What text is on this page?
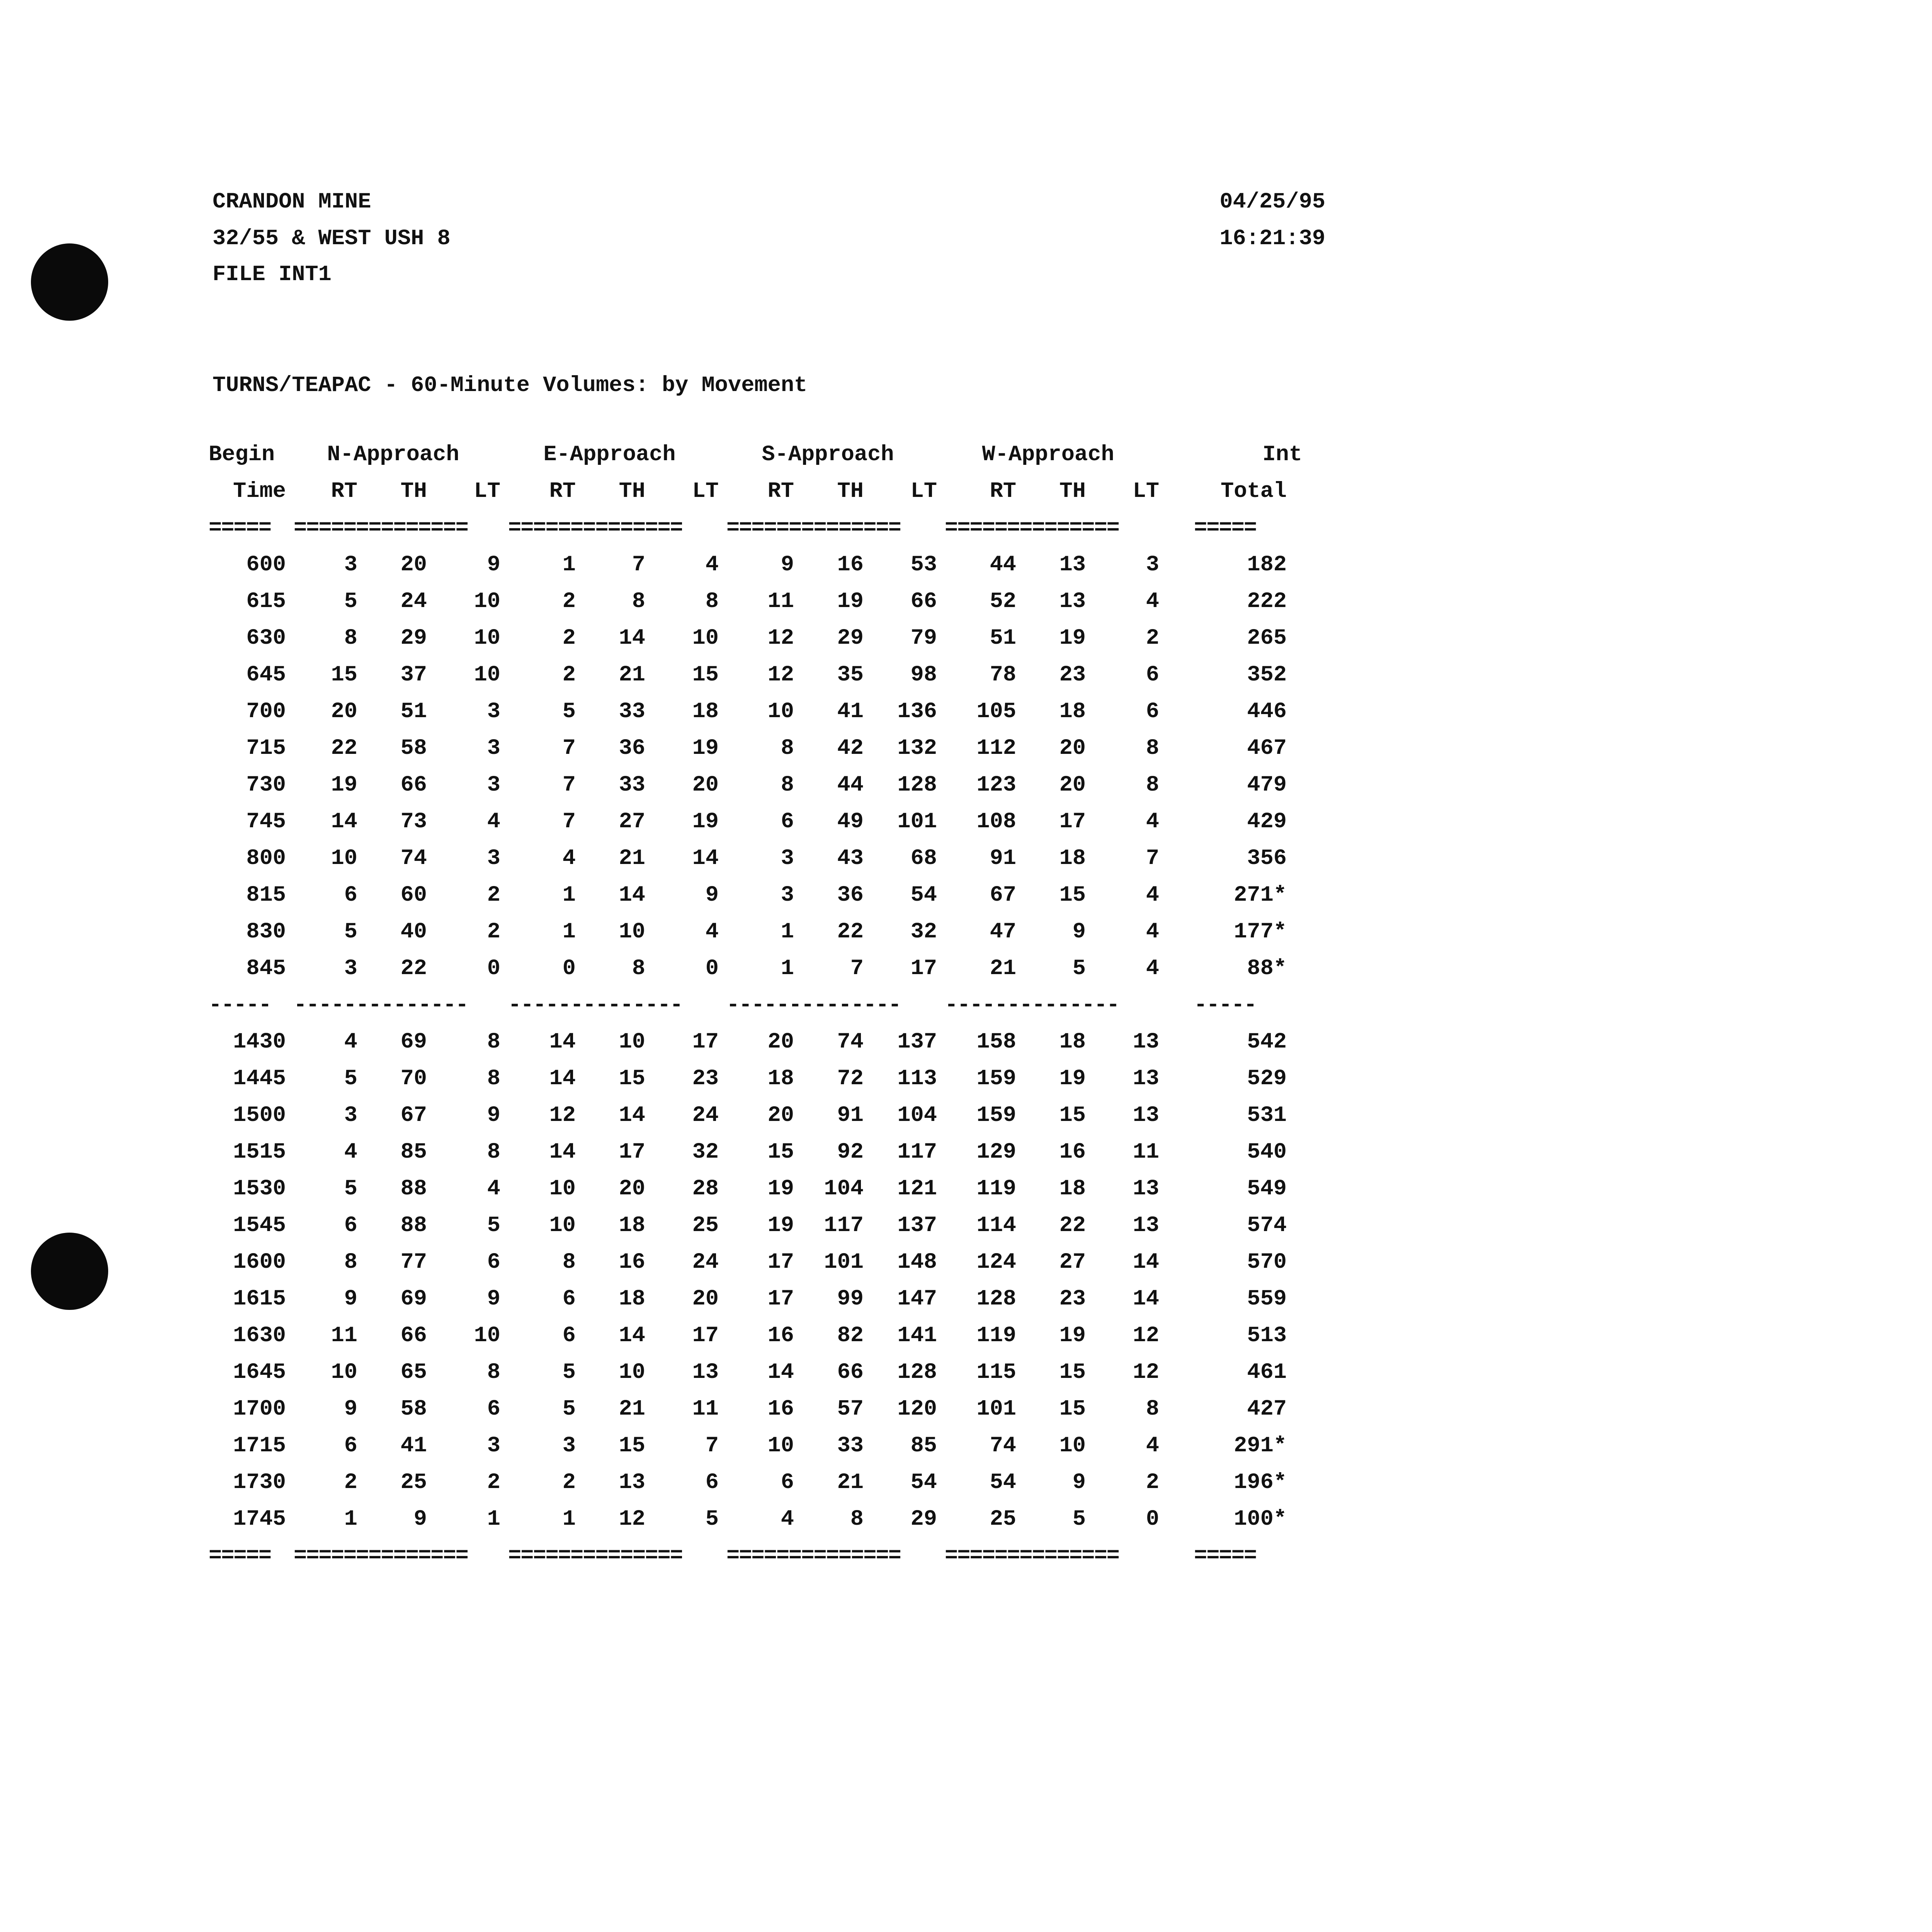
CRANDON MINE
32/55 & WEST USH 8
FILE INT1
04/25/95
16:21:39
TURNS/TEAPAC - 60-Minute Volumes: by Movement
Begin	N-Approach			E-Approach			S-Approach			W-Approach			Int
Time	RT	TH	LT	RT	TH	LT	RT	TH	LT	RT	TH	LT	Total
=====	==============			==============			==============			==============			=====
600	3	20	9	1	7	4	9	16	53	44	13	3	182
615	5	24	10	2	8	8	11	19	66	52	13	4	222
630	8	29	10	2	14	10	12	29	79	51	19	2	265
645	15	37	10	2	21	15	12	35	98	78	23	6	352
700	20	51	3	5	33	18	10	41	136	105	18	6	446
715	22	58	3	7	36	19	8	42	132	112	20	8	467
730	19	66	3	7	33	20	8	44	128	123	20	8	479
745	14	73	4	7	27	19	6	49	101	108	17	4	429
800	10	74	3	4	21	14	3	43	68	91	18	7	356
815	6	60	2	1	14	9	3	36	54	67	15	4	271*
830	5	40	2	1	10	4	1	22	32	47	9	4	177*
845	3	22	0	0	8	0	1	7	17	21	5	4	88*
-----	--------------			--------------			--------------			--------------			-----
1430	4	69	8	14	10	17	20	74	137	158	18	13	542
1445	5	70	8	14	15	23	18	72	113	159	19	13	529
1500	3	67	9	12	14	24	20	91	104	159	15	13	531
1515	4	85	8	14	17	32	15	92	117	129	16	11	540
1530	5	88	4	10	20	28	19	104	121	119	18	13	549
1545	6	88	5	10	18	25	19	117	137	114	22	13	574
1600	8	77	6	8	16	24	17	101	148	124	27	14	570
1615	9	69	9	6	18	20	17	99	147	128	23	14	559
1630	11	66	10	6	14	17	16	82	141	119	19	12	513
1645	10	65	8	5	10	13	14	66	128	115	15	12	461
1700	9	58	6	5	21	11	16	57	120	101	15	8	427
1715	6	41	3	3	15	7	10	33	85	74	10	4	291*
1730	2	25	2	2	13	6	6	21	54	54	9	2	196*
1745	1	9	1	1	12	5	4	8	29	25	5	0	100*
=====	==============			==============			==============			==============			=====
